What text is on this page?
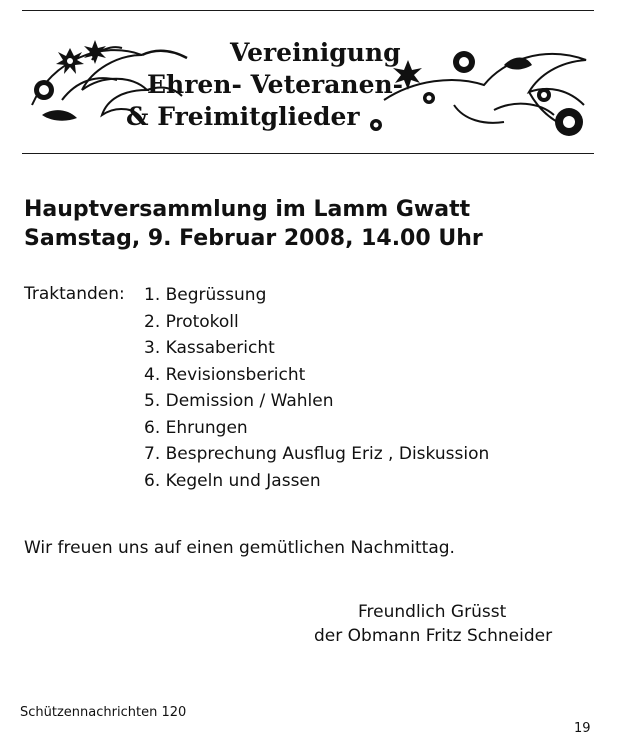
Vereinigung
Ehren- Veteranen-
& Freimitglieder
Hauptversammlung im Lamm Gwatt
Samstag, 9. Februar 2008, 14.00 Uhr
Traktanden: 1. Begrüssung
2. Protokoll
3. Kassabericht
4. Revisionsbericht
5. Demission / Wahlen
6. Ehrungen
7. Besprechung Ausflug Eriz , Diskussion
6. Kegeln und Jassen
Wir freuen uns auf einen gemütlichen Nachmittag.
Freundlich Grüsst
der Obmann Fritz Schneider
Schützennachrichten 120
19
